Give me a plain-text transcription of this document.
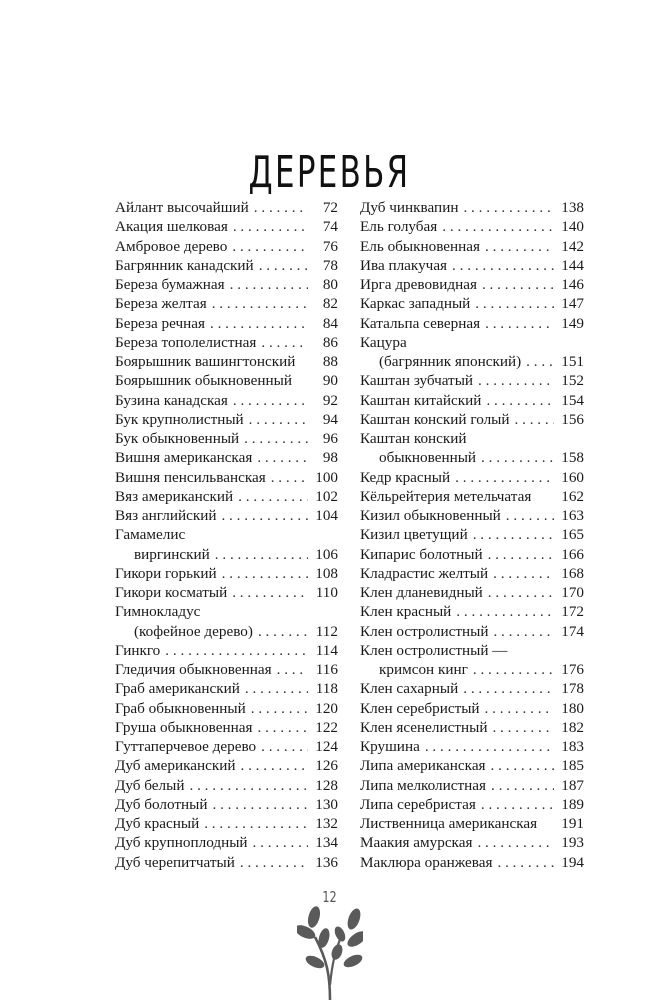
ДЕРЕВЬЯ
Айлант высочайший . . .	72
Акация шелковая . . .	74
Амбровое дерево . . .	76
Багрянник канадский . . .	78
Береза бумажная . . .	80
Береза желтая . . .	82
Береза речная . . .	84
Береза тополелистная . . .	86
Боярышник вашингтонский	88
Боярышник обыкновенный	90
Бузина канадская . . .	92
Бук крупнолистный . . .	94
Бук обыкновенный . . .	96
Вишня американская . . .	98
Вишня пенсильванская . . .	100
Вяз американский . . .	102
Вяз английский . . .	104
Гамамелис
виргинский . . .	106
Гикори горький . . .	108
Гикори косматый . . .	110
Гимнокладус
(кофейное дерево) . . .	112
Гинкго . . .	114
Гледичия обыкновенная . . .	116
Граб американский . . .	118
Граб обыкновенный . . .	120
Груша обыкновенная . . .	122
Гуттаперчевое дерево . . .	124
Дуб американский . . .	126
Дуб белый . . .	128
Дуб болотный . . .	130
Дуб красный . . .	132
Дуб крупноплодный . . .	134
Дуб черепитчатый . . .	136
Дуб чинквапин . . .	138
Ель голубая . . .	140
Ель обыкновенная . . .	142
Ива плакучая . . .	144
Ирга древовидная . . .	146
Каркас западный . . .	147
Катальпа северная . . .	149
Кацура
(багрянник японский) . . .	151
Каштан зубчатый . . .	152
Каштан китайский . . .	154
Каштан конский голый . . .	156
Каштан конский
обыкновенный . . .	158
Кедр красный . . .	160
Кёльрейтерия метельчатая 162
Кизил обыкновенный . . .	163
Кизил цветущий . . .	165
Кипарис болотный . . .	166
Кладрастис желтый . . .	168
Клен дланевидный . . .	170
Клен красный . . .	172
Клен остролистный . . .	174
Клен остролистный —
кримсон кинг . . .	176
Клен сахарный . . .	178
Клен серебристый . . .	180
Клен ясенелистный . . .	182
Крушина . . .	183
Липа американская . . .	185
Липа мелколистная . . .	187
Липа серебристая . . .	189
Лиственница американская 191
Маакия амурская . . .	193
Маклюра оранжевая . . .	194
12
